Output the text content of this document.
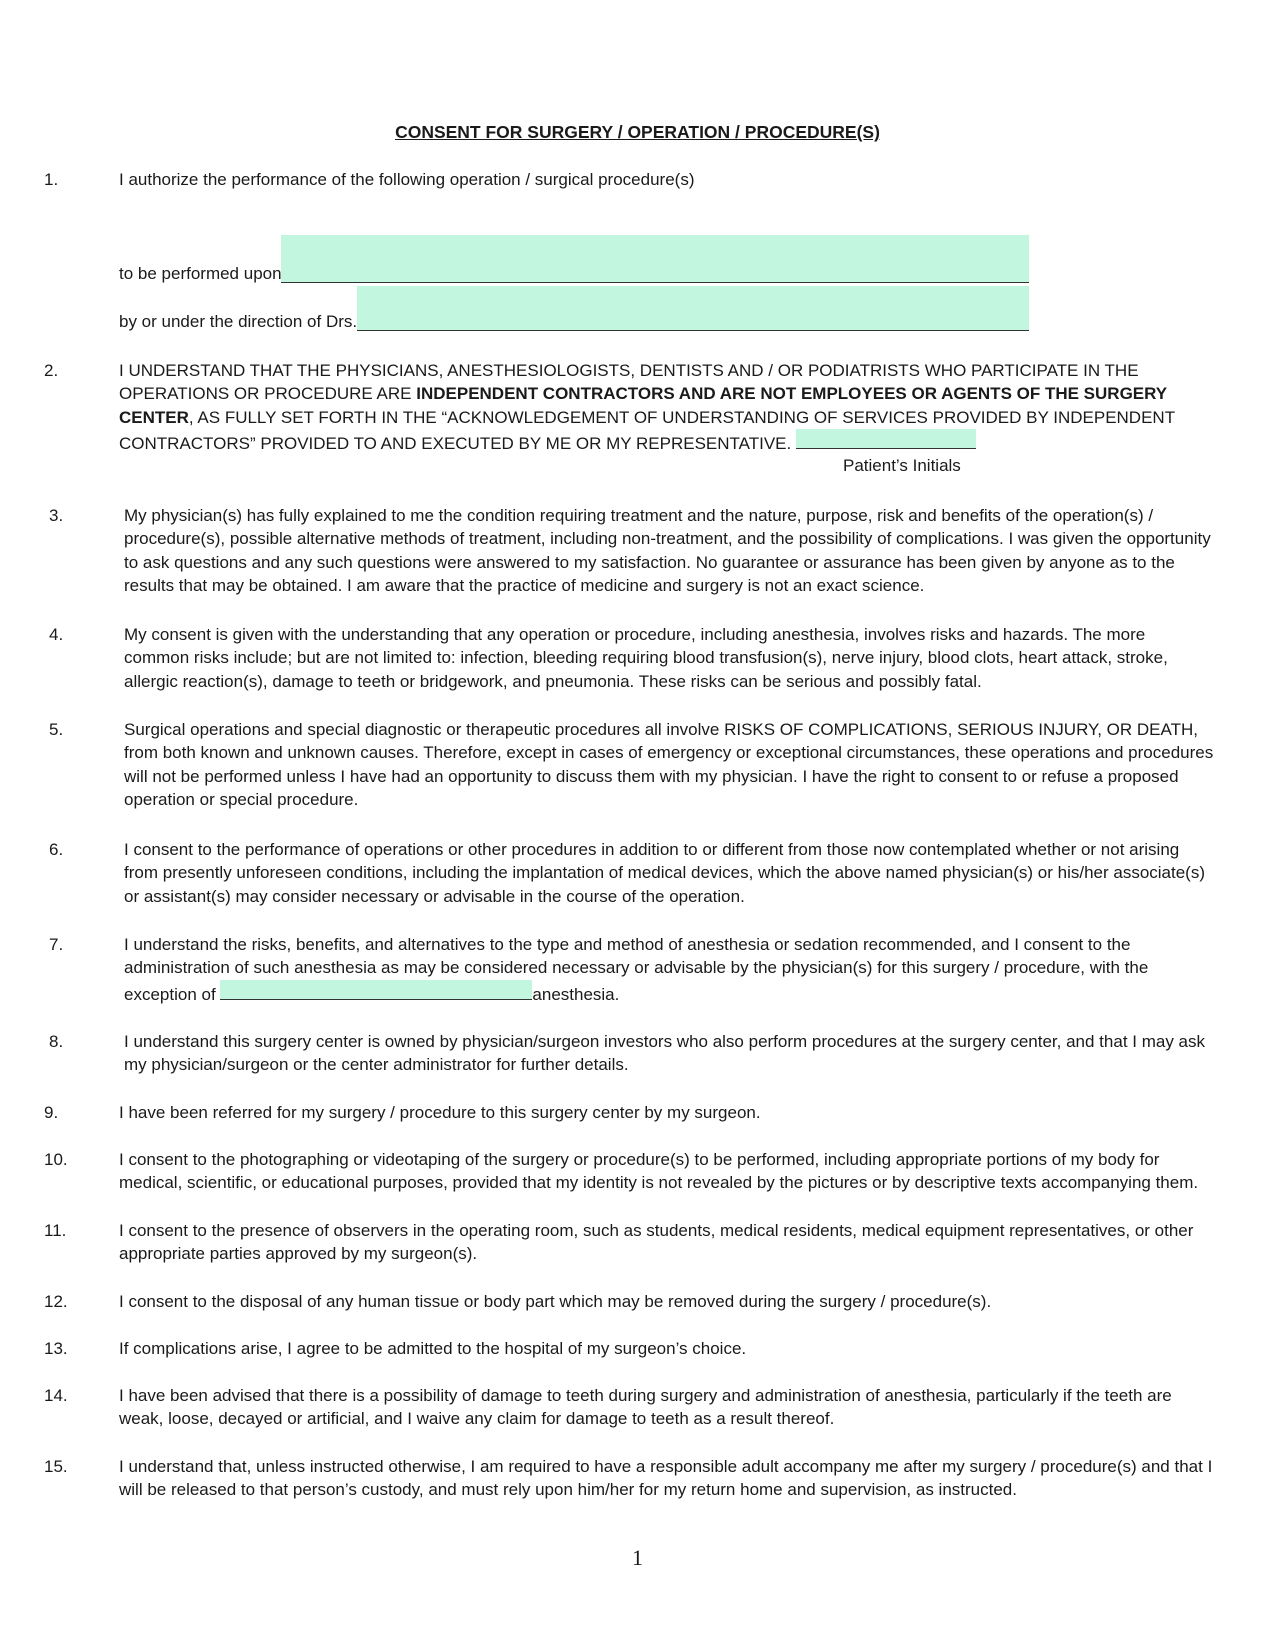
CONSENT FOR SURGERY / OPERATION / PROCEDURE(S)
1.	I authorize the performance of the following operation / surgical procedure(s)
to be performed upon
by or under the direction of Drs.
2.	I UNDERSTAND THAT THE PHYSICIANS, ANESTHESIOLOGISTS, DENTISTS AND / OR PODIATRISTS WHO PARTICIPATE IN THE OPERATIONS OR PROCEDURE ARE INDEPENDENT CONTRACTORS AND ARE NOT EMPLOYEES OR AGENTS OF THE SURGERY CENTER, AS FULLY SET FORTH IN THE “ACKNOWLEDGEMENT OF UNDERSTANDING OF SERVICES PROVIDED BY INDEPENDENT CONTRACTORS” PROVIDED TO AND EXECUTED BY ME OR MY REPRESENTATIVE.
Patient’s Initials
3.	My physician(s) has fully explained to me the condition requiring treatment and the nature, purpose, risk and benefits of the operation(s) / procedure(s), possible alternative methods of treatment, including non-treatment, and the possibility of complications. I was given the opportunity to ask questions and any such questions were answered to my satisfaction. No guarantee or assurance has been given by anyone as to the results that may be obtained. I am aware that the practice of medicine and surgery is not an exact science.
4.	My consent is given with the understanding that any operation or procedure, including anesthesia, involves risks and hazards. The more common risks include; but are not limited to: infection, bleeding requiring blood transfusion(s), nerve injury, blood clots, heart attack, stroke, allergic reaction(s), damage to teeth or bridgework, and pneumonia. These risks can be serious and possibly fatal.
5.	Surgical operations and special diagnostic or therapeutic procedures all involve RISKS OF COMPLICATIONS, SERIOUS INJURY, OR DEATH, from both known and unknown causes. Therefore, except in cases of emergency or exceptional circumstances, these operations and procedures will not be performed unless I have had an opportunity to discuss them with my physician. I have the right to consent to or refuse a proposed operation or special procedure.
6.	I consent to the performance of operations or other procedures in addition to or different from those now contemplated whether or not arising from presently unforeseen conditions, including the implantation of medical devices, which the above named physician(s) or his/her associate(s) or assistant(s) may consider necessary or advisable in the course of the operation.
7.	I understand the risks, benefits, and alternatives to the type and method of anesthesia or sedation recommended, and I consent to the administration of such anesthesia as may be considered necessary or advisable by the physician(s) for this surgery / procedure, with the exception of	anesthesia.
8.	I understand this surgery center is owned by physician/surgeon investors who also perform procedures at the surgery center, and that I may ask my physician/surgeon or the center administrator for further details.
9.	I have been referred for my surgery / procedure to this surgery center by my surgeon.
10.	I consent to the photographing or videotaping of the surgery or procedure(s) to be performed, including appropriate portions of my body for medical, scientific, or educational purposes, provided that my identity is not revealed by the pictures or by descriptive texts accompanying them.
11.	I consent to the presence of observers in the operating room, such as students, medical residents, medical equipment representatives, or other appropriate parties approved by my surgeon(s).
12.	I consent to the disposal of any human tissue or body part which may be removed during the surgery / procedure(s).
13.	If complications arise, I agree to be admitted to the hospital of my surgeon’s choice.
14.	I have been advised that there is a possibility of damage to teeth during surgery and administration of anesthesia, particularly if the teeth are weak, loose, decayed or artificial, and I waive any claim for damage to teeth as a result thereof.
15.	I understand that, unless instructed otherwise, I am required to have a responsible adult accompany me after my surgery / procedure(s) and that I will be released to that person’s custody, and must rely upon him/her for my return home and supervision, as instructed.
1
